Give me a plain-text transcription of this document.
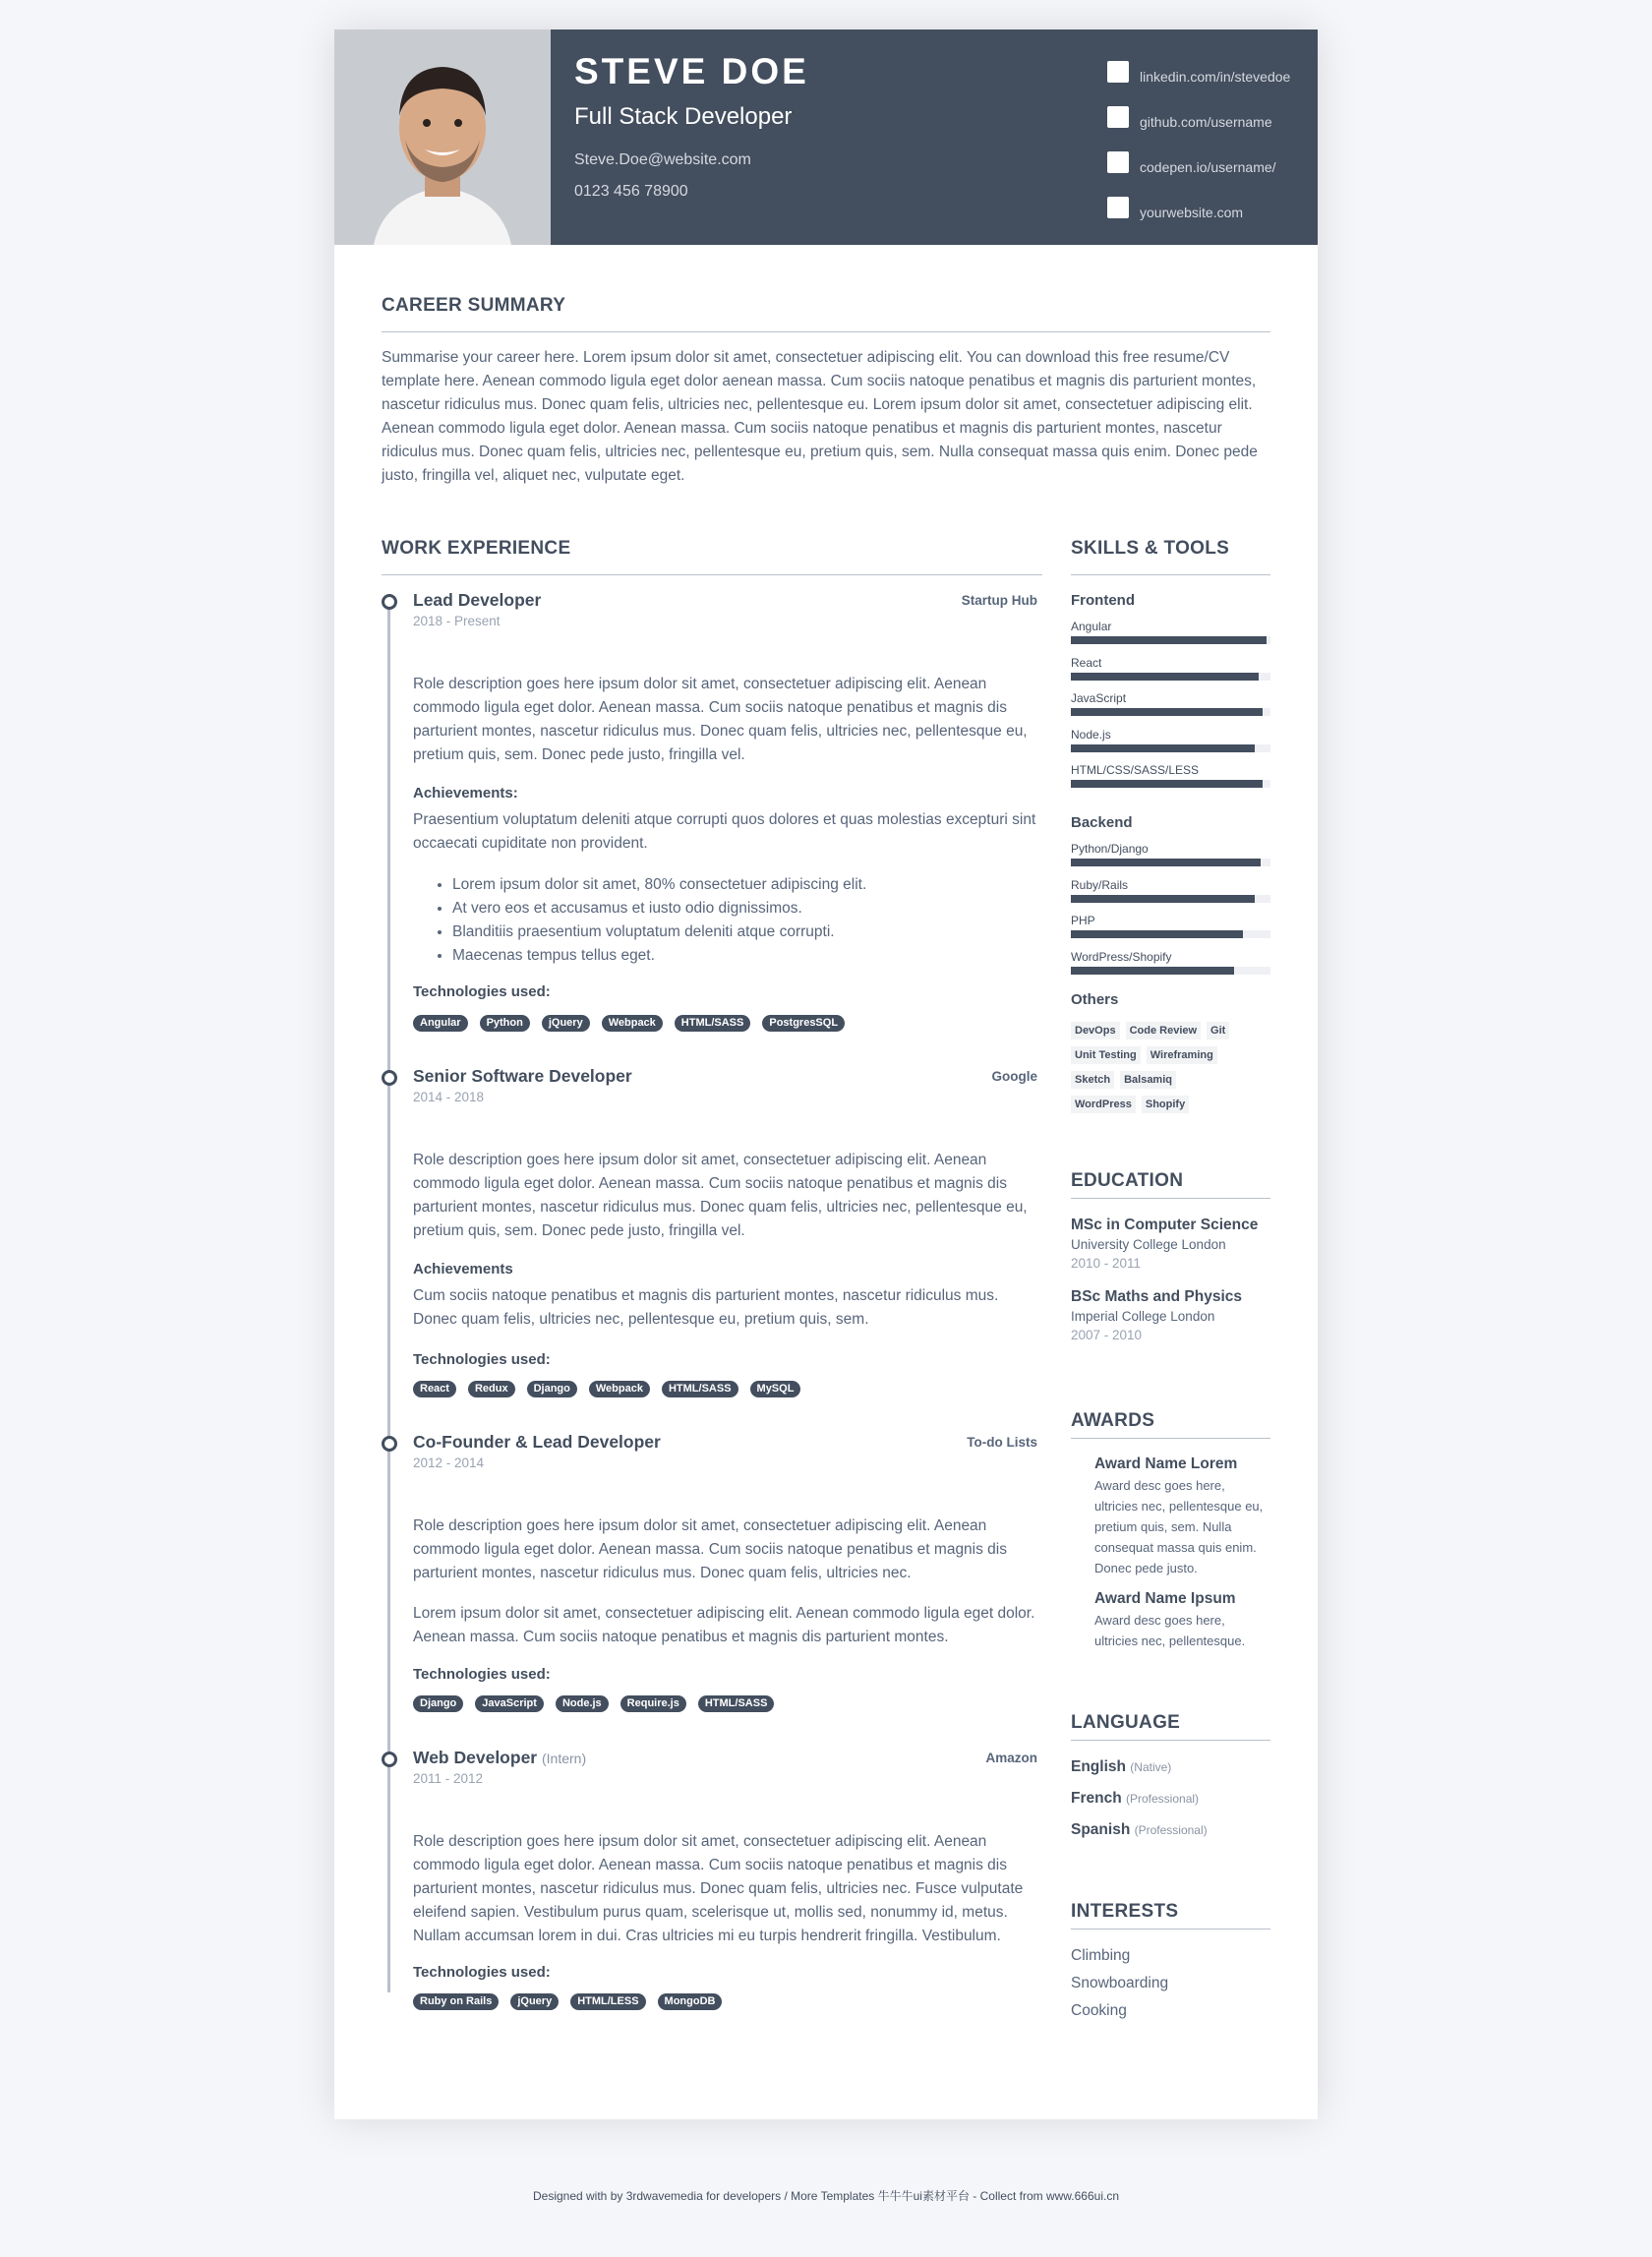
STEVE DOE
Full Stack Developer
Steve.Doe@website.com
0123 456 78900
linkedin.com/in/stevedoe
github.com/username
codepen.io/username/
yourwebsite.com
CAREER SUMMARY
Summarise your career here. Lorem ipsum dolor sit amet, consectetuer adipiscing elit. You can download this free resume/CV template here. Aenean commodo ligula eget dolor aenean massa. Cum sociis natoque penatibus et magnis dis parturient montes, nascetur ridiculus mus. Donec quam felis, ultricies nec, pellentesque eu. Lorem ipsum dolor sit amet, consectetuer adipiscing elit. Aenean commodo ligula eget dolor. Aenean massa. Cum sociis natoque penatibus et magnis dis parturient montes, nascetur ridiculus mus. Donec quam felis, ultricies nec, pellentesque eu, pretium quis, sem. Nulla consequat massa quis enim. Donec pede justo, fringilla vel, aliquet nec, vulputate eget.
WORK EXPERIENCE
Lead Developer	Startup Hub
2018 - Present
Role description goes here ipsum dolor sit amet, consectetuer adipiscing elit. Aenean commodo ligula eget dolor. Aenean massa. Cum sociis natoque penatibus et magnis dis parturient montes, nascetur ridiculus mus. Donec quam felis, ultricies nec, pellentesque eu, pretium quis, sem. Donec pede justo, fringilla vel.
Achievements:
Praesentium voluptatum deleniti atque corrupti quos dolores et quas molestias excepturi sint occaecati cupiditate non provident.
• Lorem ipsum dolor sit amet, 80% consectetuer adipiscing elit.
• At vero eos et accusamus et iusto odio dignissimos.
• Blanditiis praesentium voluptatum deleniti atque corrupti.
• Maecenas tempus tellus eget.
Technologies used:
Angular	Python	jQuery	Webpack	HTML/SASS	PostgresSQL
Senior Software Developer	Google
2014 - 2018
Role description goes here ipsum dolor sit amet, consectetuer adipiscing elit. Aenean commodo ligula eget dolor. Aenean massa. Cum sociis natoque penatibus et magnis dis parturient montes, nascetur ridiculus mus. Donec quam felis, ultricies nec, pellentesque eu, pretium quis, sem. Donec pede justo, fringilla vel.
Achievements
Cum sociis natoque penatibus et magnis dis parturient montes, nascetur ridiculus mus. Donec quam felis, ultricies nec, pellentesque eu, pretium quis, sem.
Technologies used:
React	Redux	Django	Webpack	HTML/SASS	MySQL
Co-Founder & Lead Developer	To-do Lists
2012 - 2014
Role description goes here ipsum dolor sit amet, consectetuer adipiscing elit. Aenean commodo ligula eget dolor. Aenean massa. Cum sociis natoque penatibus et magnis dis parturient montes, nascetur ridiculus mus. Donec quam felis, ultricies nec.
Lorem ipsum dolor sit amet, consectetuer adipiscing elit. Aenean commodo ligula eget dolor. Aenean massa. Cum sociis natoque penatibus et magnis dis parturient montes.
Technologies used:
Django	JavaScript	Node.js	Require.js	HTML/SASS
Web Developer (Intern)	Amazon
2011 - 2012
Role description goes here ipsum dolor sit amet, consectetuer adipiscing elit. Aenean commodo ligula eget dolor. Aenean massa. Cum sociis natoque penatibus et magnis dis parturient montes, nascetur ridiculus mus. Donec quam felis, ultricies nec. Fusce vulputate eleifend sapien. Vestibulum purus quam, scelerisque ut, mollis sed, nonummy id, metus. Nullam accumsan lorem in dui. Cras ultricies mi eu turpis hendrerit fringilla. Vestibulum.
Technologies used:
Ruby on Rails	jQuery	HTML/LESS	MongoDB
SKILLS & TOOLS
Frontend
Angular
React
JavaScript
Node.js
HTML/CSS/SASS/LESS
Backend
Python/Django
Ruby/Rails
PHP
WordPress/Shopify
Others
DevOps Code Review Git
Unit Testing Wireframing
Sketch Balsamiq
WordPress Shopify
EDUCATION
MSc in Computer Science
University College London
2010 - 2011
BSc Maths and Physics
Imperial College London
2007 - 2010
AWARDS
Award Name Lorem
Award desc goes here, ultricies nec, pellentesque eu, pretium quis, sem. Nulla consequat massa quis enim. Donec pede justo.
Award Name Ipsum
Award desc goes here, ultricies nec, pellentesque.
LANGUAGE
English (Native)
French (Professional)
Spanish (Professional)
INTERESTS
Climbing
Snowboarding
Cooking
Designed with by 3rdwavemedia for developers / More Templates 牛牛牛ui素材平台 - Collect from www.666ui.cn
